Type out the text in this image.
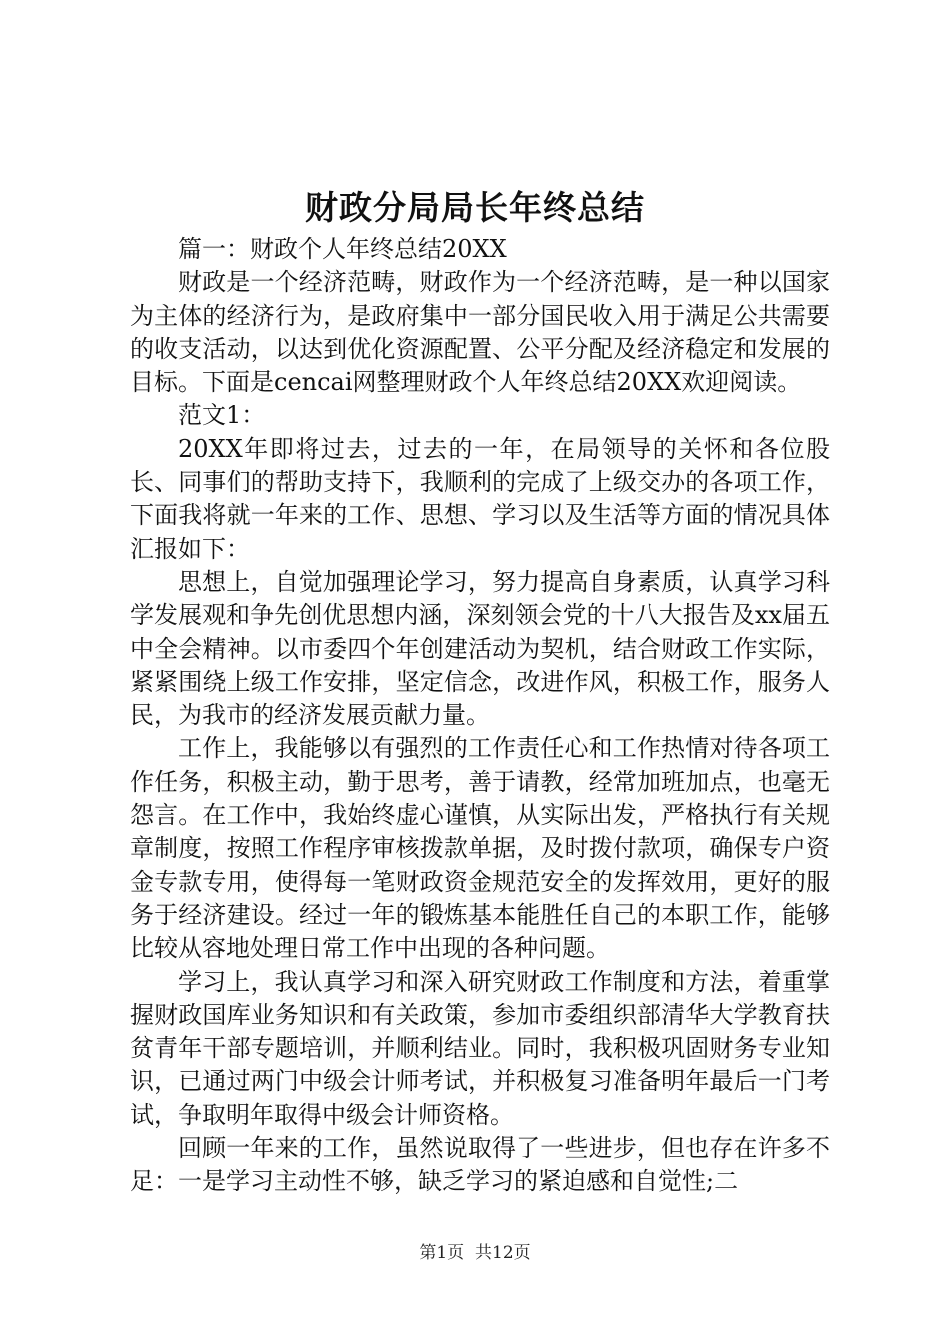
财政分局局长年终总结

篇一：财政个人年终总结20XX

财政是一个经济范畴，财政作为一个经济范畴，是一种以国家为主体的经济行为，是政府集中一部分国民收入用于满足公共需要的收支活动，以达到优化资源配置、公平分配及经济稳定和发展的目标。下面是cencai网整理财政个人年终总结20XX欢迎阅读。

范文1：

20XX年即将过去，过去的一年，在局领导的关怀和各位股长、同事们的帮助支持下，我顺利的完成了上级交办的各项工作，下面我将就一年来的工作、思想、学习以及生活等方面的情况具体汇报如下：

思想上，自觉加强理论学习，努力提高自身素质，认真学习科学发展观和争先创优思想内涵，深刻领会党的十八大报告及xx届五中全会精神。以市委四个年创建活动为契机，结合财政工作实际，紧紧围绕上级工作安排，坚定信念，改进作风，积极工作，服务人民，为我市的经济发展贡献力量。

工作上，我能够以有强烈的工作责任心和工作热情对待各项工作任务，积极主动，勤于思考，善于请教，经常加班加点，也毫无怨言。在工作中，我始终虚心谨慎，从实际出发，严格执行有关规章制度，按照工作程序审核拨款单据，及时拨付款项，确保专户资金专款专用，使得每一笔财政资金规范安全的发挥效用，更好的服务于经济建设。经过一年的锻炼基本能胜任自己的本职工作，能够比较从容地处理日常工作中出现的各种问题。

学习上，我认真学习和深入研究财政工作制度和方法，着重掌握财政国库业务知识和有关政策，参加市委组织部清华大学教育扶贫青年干部专题培训，并顺利结业。同时，我积极巩固财务专业知识，已通过两门中级会计师考试，并积极复习准备明年最后一门考试，争取明年取得中级会计师资格。

回顾一年来的工作，虽然说取得了一些进步，但也存在许多不足：一是学习主动性不够，缺乏学习的紧迫感和自觉性;二

第1页 共12页
